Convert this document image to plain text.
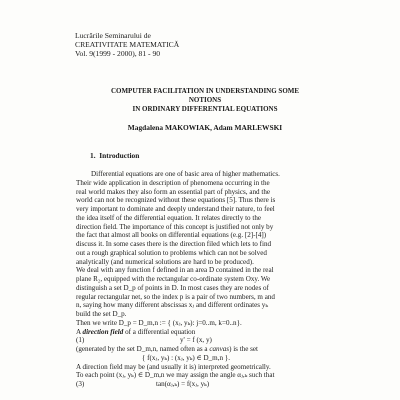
Lucrările Seminarului de
CREATIVITATE MATEMATICĂ
Vol. 9(1999 - 2000), 81 - 90
COMPUTER FACILITATION IN UNDERSTANDING SOME
NOTIONS
IN ORDINARY DIFFERENTIAL EQUATIONS
Magdalena MAKOWIAK, Adam MARLEWSKI
1. Introduction
Differential equations are one of basic area of higher mathematics.
Their wide application in description of phenomena occurring in the
real world makes they also form an essential part of physics, and the
world can not be recognized without these equations [5]. Thus there is
very important to dominate and deeply understand their nature, to feel
the idea itself of the differential equation. It relates directly to the
direction field. The importance of this concept is justified not only by
the fact that almost all books on differential equations (e.g. [2]-[4])
discuss it. In some cases there is the direction filed which lets to find
out a rough graphical solution to problems which can not be solved
analytically (and numerical solutions are hard to be produced).
We deal with any function f defined in an area D contained in the real
plane R₂, equipped with the rectangular co-ordinate system Oxy. We
distinguish a set D_p of points in D. In most cases they are nodes of
regular rectangular net, so the index p is a pair of two numbers, m and
n, saying how many different abscissas xⱼ and different ordinates yₖ
build the set D_p.
Then we write D_p = D_m,n := { (xⱼ, yₖ): j=0..m, k=0..n}.
A direction field of a differential equation
(1)	y' = f (x, y)
(generated by the set D_m,n, named often as a canvas) is the set
{ f(xⱼ, yₖ) : (xⱼ, yₖ) ∈ D_m,n }.
A direction field may be (and usually it is) interpreted geometrically.
To each point (xⱼ, yₖ) ∈ D_m,n we may assign the angle αⱼ,ₖ such that
(3)	tan(αⱼ,ₖ) = f(xⱼ, yₖ)
